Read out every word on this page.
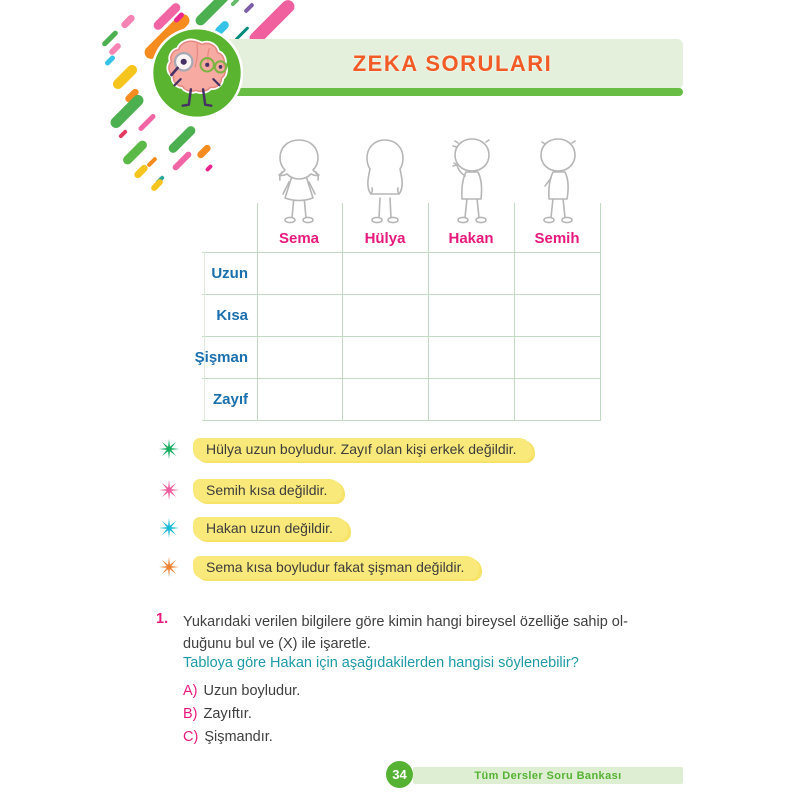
ZEKA SORULARI
Sema	Hülya	Hakan	Semih
Uzun
Kısa
Şişman
Zayıf
Hülya uzun boyludur. Zayıf olan kişi erkek değildir.
Semih kısa değildir.
Hakan uzun değildir.
Sema kısa boyludur fakat şişman değildir.
1. Yukarıdaki verilen bilgilere göre kimin hangi bireysel özelliğe sahip ol-
duğunu bul ve (X) ile işaretle.
Tabloya göre Hakan için aşağıdakilerden hangisi söylenebilir?
A) Uzun boyludur.
B) Zayıftır.
C) Şişmandır.
34	Tüm Dersler Soru Bankası
